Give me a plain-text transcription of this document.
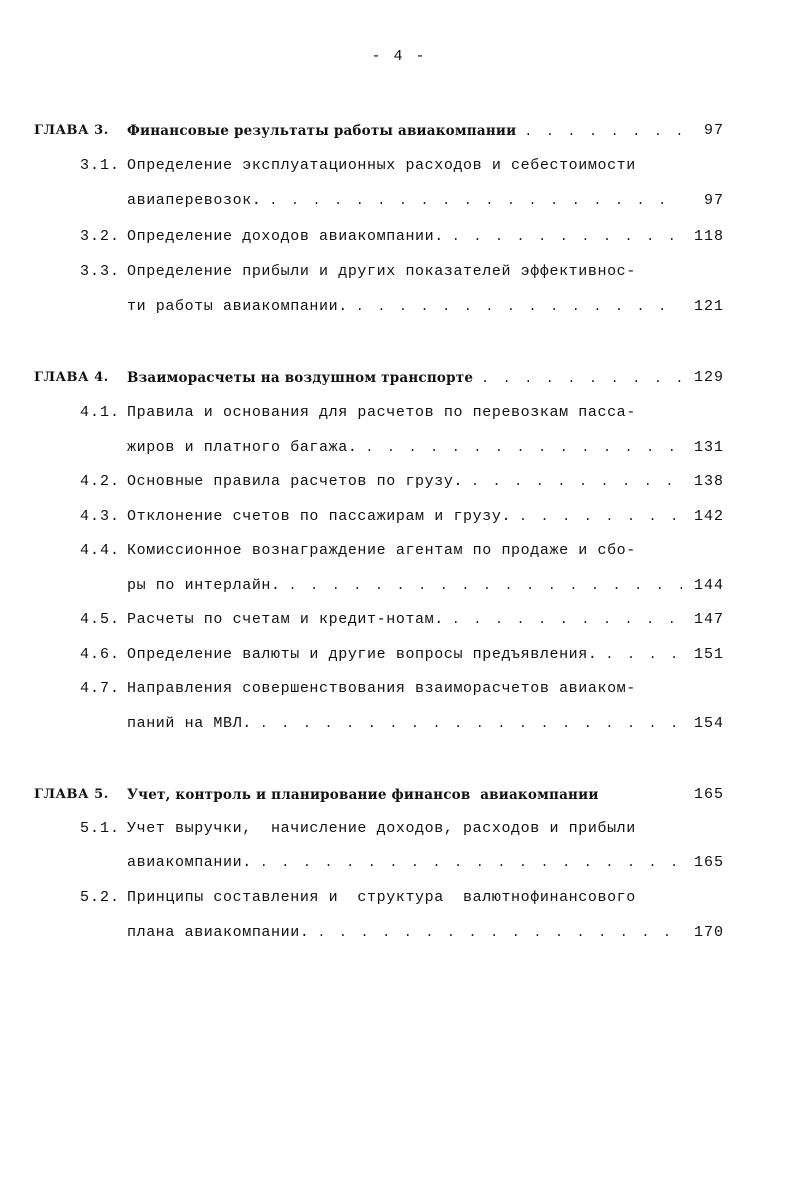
- 4 -
ГЛАВА 3. Финансовые результаты работы авиакомпании . . .	97
3.1. Определение эксплуатационных расходов и себестоимости
авиаперевозок. . . .	97
3.2. Определение доходов авиакомпании. . . .	118
3.3. Определение прибыли и других показателей эффективнос-
ти работы авиакомпании. . . .	121
ГЛАВА 4. Взаиморасчеты на воздушном транспорте . . .	129
4.1. Правила и основания для расчетов по перевозкам пасса-
жиров и платного багажа. . . .	131
4.2. Основные правила расчетов по грузу. . . .	138
4.3. Отклонение счетов по пассажирам и грузу. . . .	142
4.4. Комиссионное вознаграждение агентам по продаже и сбо-
ры по интерлайн. . . .	144
4.5. Расчеты по счетам и кредит-нотам. . . .	147
4.6. Определение валюты и другие вопросы предъявления. . . .	151
4.7. Направления совершенствования взаиморасчетов авиаком-
паний на МВЛ. . . .	154
ГЛАВА 5. Учет, контроль и планирование финансов  авиакомпании	165
5.1. Учет выручки,  начисление доходов, расходов и прибыли
авиакомпании. . . .	165
5.2. Принципы составления и  структура  валютнофинансового
плана авиакомпании. . . .	170
